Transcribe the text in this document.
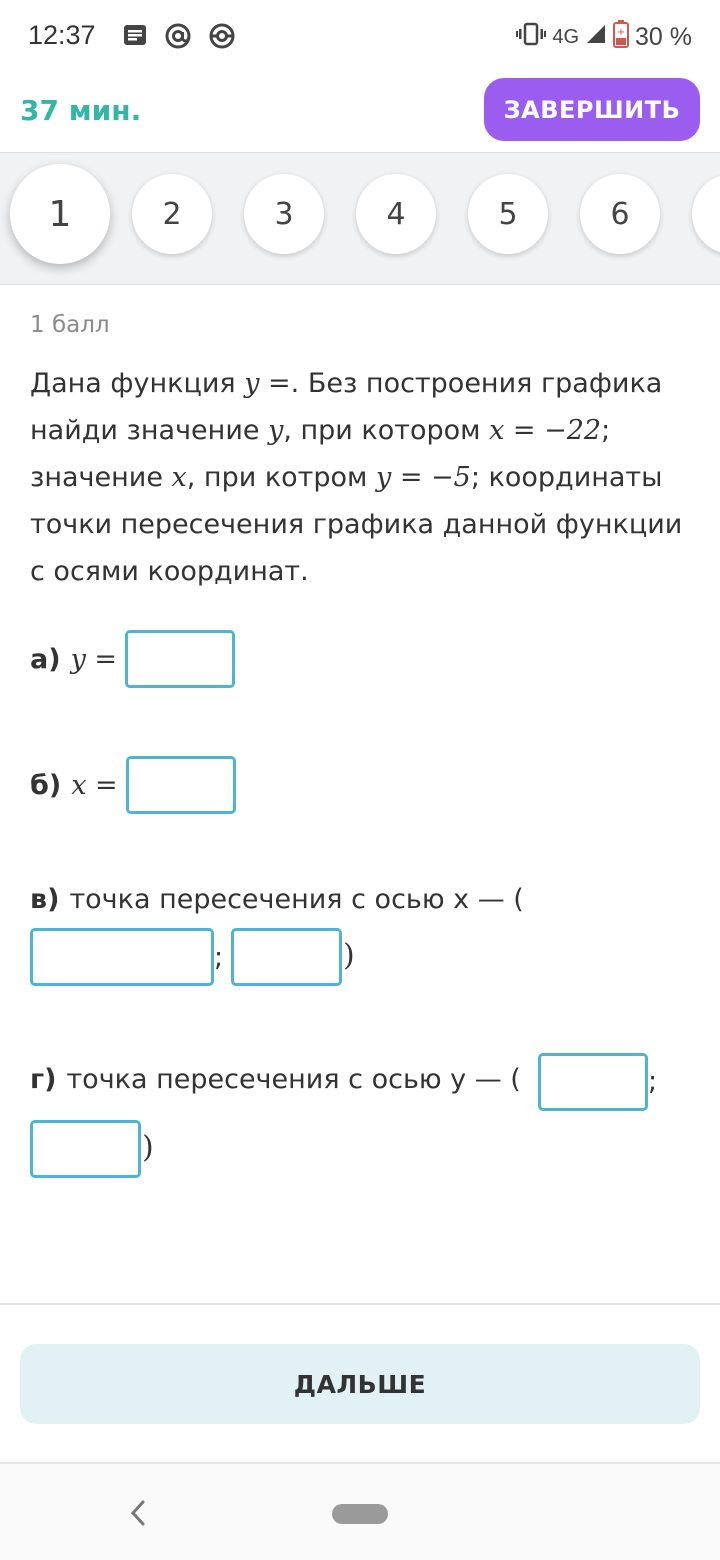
12:37	4G	+ 30 %
37 мин.	ЗАВЕРШИТЬ
1	2	3	4	5	6
1 балл
Дана функция y =. Без построения графика найди значение y, при котором x = −22; значение x, при котром y = −5; координаты точки пересечения графика данной функции с осями координат.
а) y =
б) x =
в) точка пересечения с осью х — (
;	)
г) точка пересечения с осью у — (	;
)
ДАЛЬШЕ
